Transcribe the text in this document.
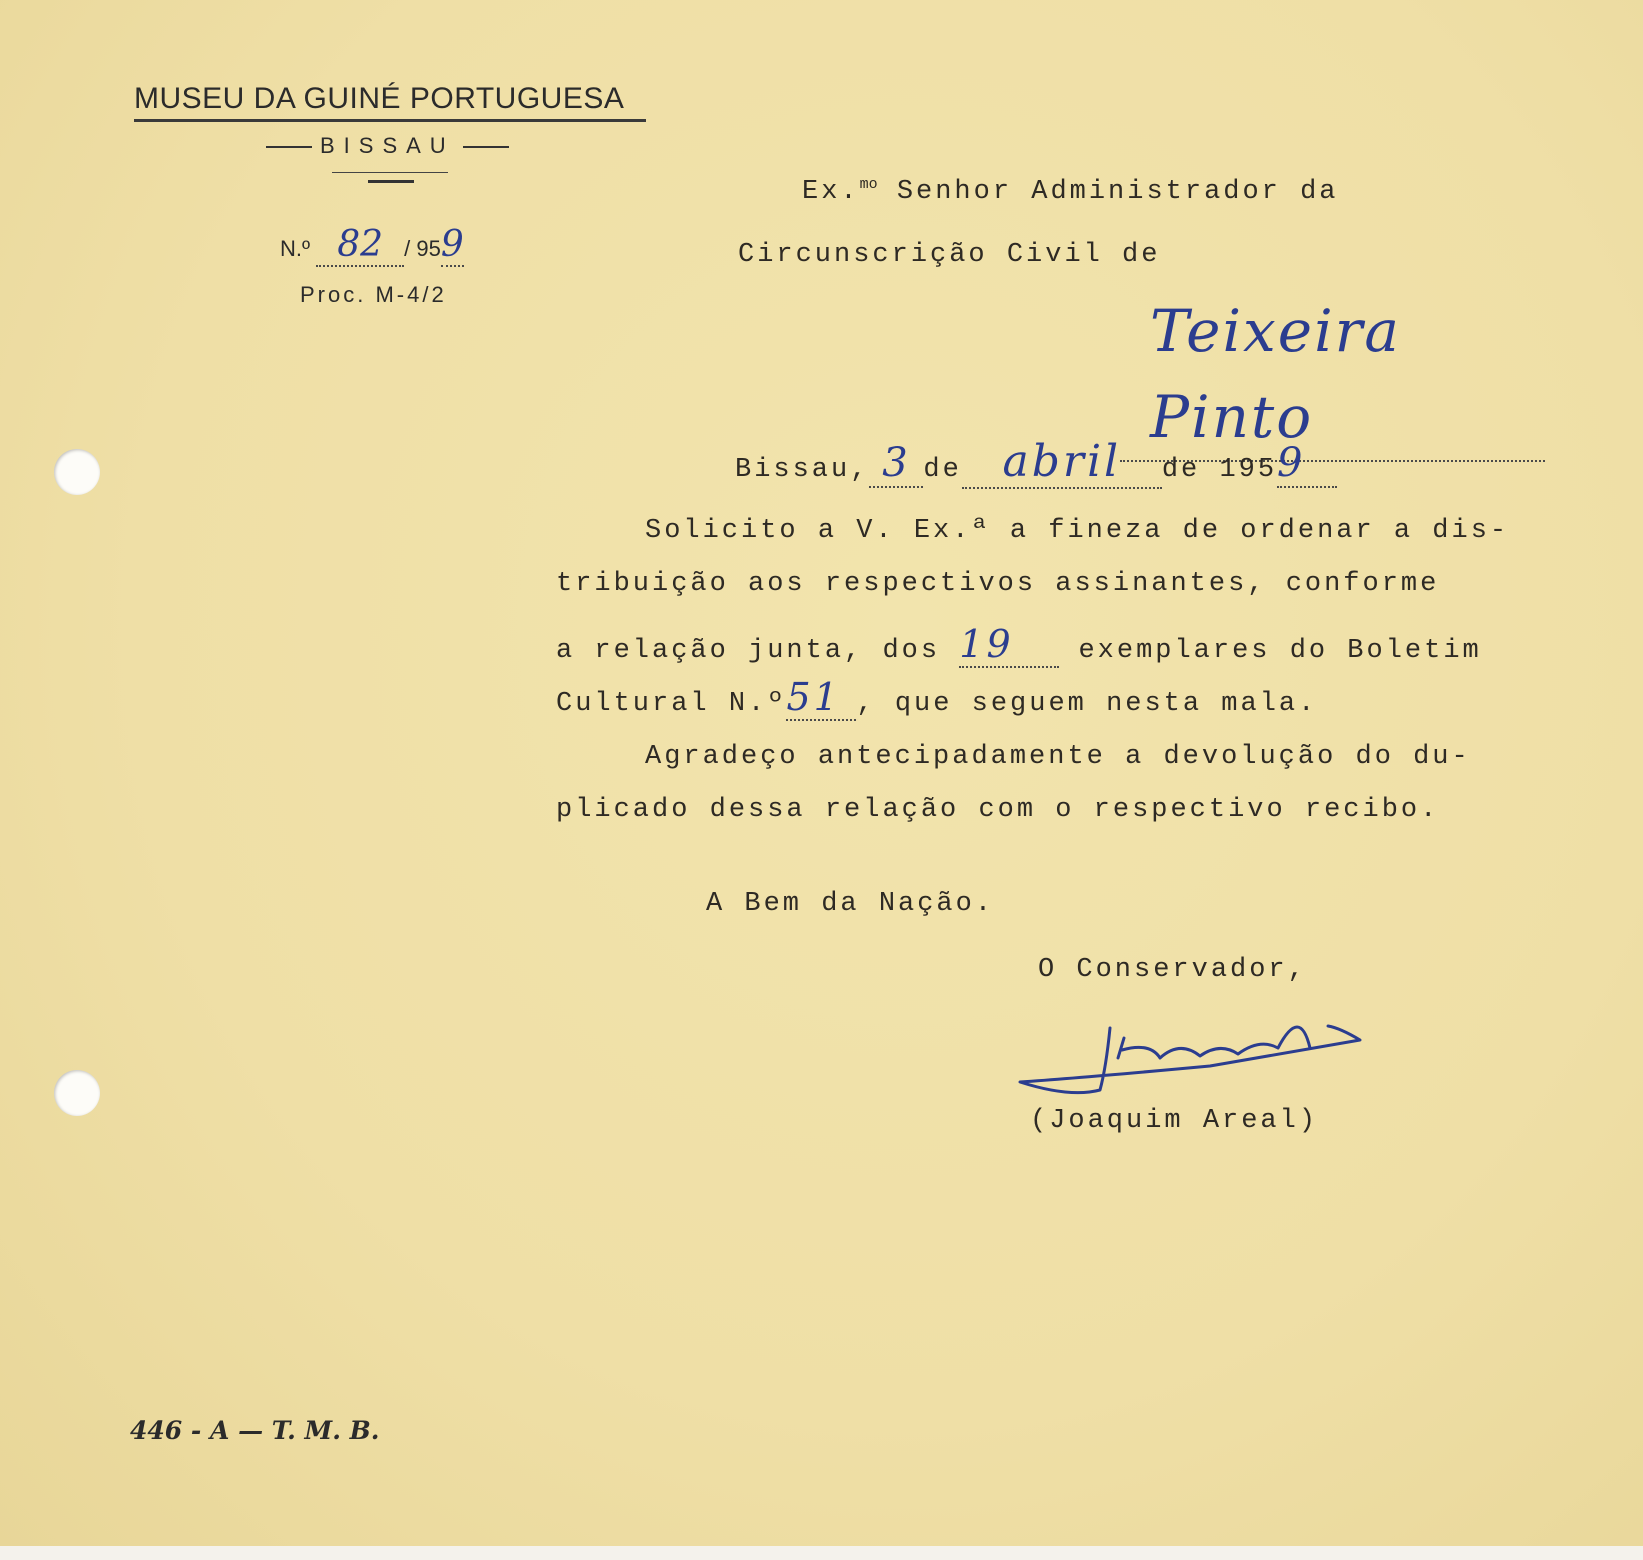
MUSEU DA GUINÉ PORTUGUESA
BISSAU
N.º 82 / 959
Proc. M-4/2
Ex.$^{mo}$ Senhor Administrador da
Circunscrição Civil de
Teixeira Pinto
Bissau, 3 de abril de 1959
Solicito a V. Ex.ª a fineza de ordenar a dis-
tribuição aos respectivos assinantes, conforme
a relação junta, dos 19 exemplares do Boletim
Cultural N.º51 , que seguem nesta mala.
Agradeço antecipadamente a devolução do du-
plicado dessa relação com o respectivo recibo.
A Bem da Nação.
O Conservador,
(Joaquim Areal)
446 - A — T. M. B.
